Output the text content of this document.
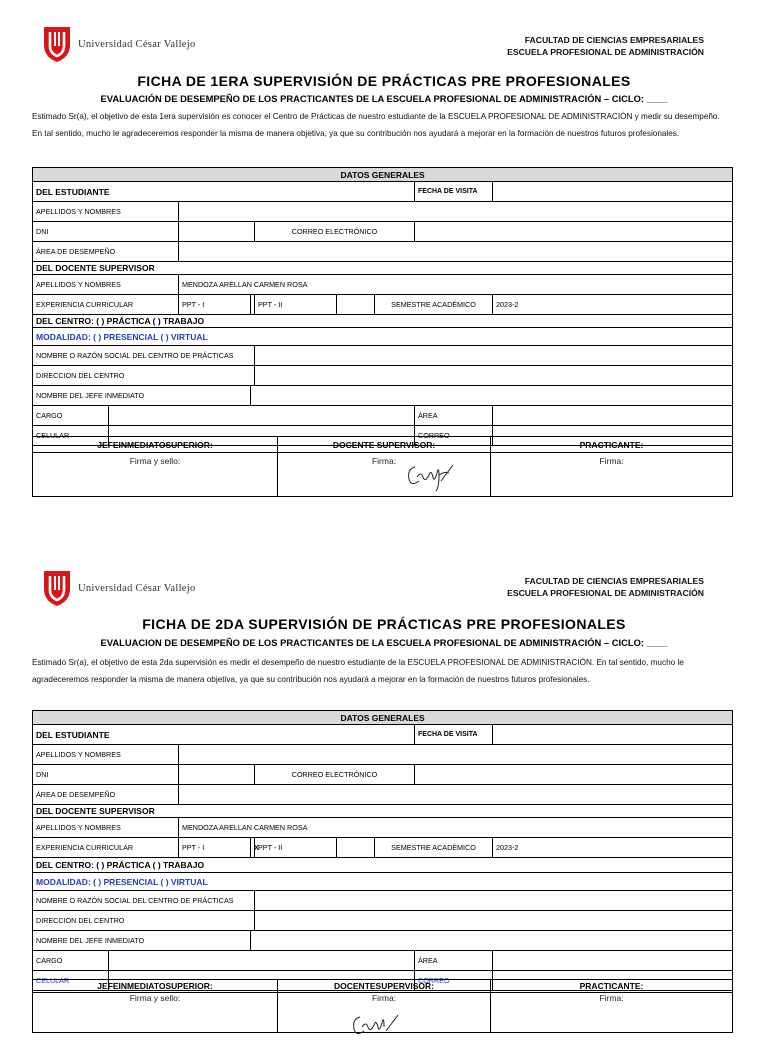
Universidad César Vallejo	FACULTAD DE CIENCIAS EMPRESARIALES
ESCUELA PROFESIONAL DE ADMINISTRACIÓN
FICHA DE 1ERA SUPERVISIÓN DE PRÁCTICAS PRE PROFESIONALES
EVALUACIÓN DE DESEMPEÑO DE LOS PRACTICANTES DE LA ESCUELA PROFESIONAL DE ADMINISTRACIÓN – CICLO: ____
Estimado Sr(a), el objetivo de esta 1era supervisión es conocer el Centro de Prácticas de nuestro estudiante de la ESCUELA PROFESIONAL DE ADMINISTRACIÓN y medir su desempeño. En tal sentido, mucho le agradeceremos responder la misma de manera objetiva, ya que su contribución nos ayudará a mejorar en la formación de nuestros futuros profesionales.
DATOS GENERALES								
DEL ESTUDIANTE							FECHA DE VISITA	
APELLIDOS Y NOMBRES								
DNI				CORREO ELECTRÓNICO				
ÁREA DE DESEMPEÑO								
DEL DOCENTE SUPERVISOR								
APELLIDOS Y NOMBRES		MENDOZA ARELLAN CARMEN ROSA						
EXPERIENCIA CURRICULAR		PPT - I		PPT - II		SEMESTRE ACADÉMICO		2023-2
DEL CENTRO: ( ) PRÁCTICA ( ) TRABAJO								
MODALIDAD: ( ) PRESENCIAL ( ) VIRTUAL								
NOMBRE O RAZÓN SOCIAL DEL CENTRO DE PRÁCTICAS								
DIRECCION DEL CENTRO								
NOMBRE DEL JEFE INMEDIATO								
CARGO							ÁREA	
CELULAR							CORREO	
JEFEINMEDIATOSUPERIOR:	DOCENTE SUPERVISOR:	PRACTICANTE:
Firma y sello:	Firma:	Firma:
Universidad César Vallejo
FACULTAD DE CIENCIAS EMPRESARIALES
ESCUELA PROFESIONAL DE ADMINISTRACIÓN
FICHA DE 2DA SUPERVISIÓN DE PRÁCTICAS PRE PROFESIONALES
EVALUACION DE DESEMPEÑO DE LOS PRACTICANTES DE LA ESCUELA PROFESIONAL DE ADMINISTRACIÓN – CICLO: ____
Estimado Sr(a), el objetivo de esta 2da supervisión es medir el desempeño de nuestro estudiante de la ESCUELA PROFESIONAL DE ADMINISTRACIÓN. En tal sentido, mucho le agradeceremos responder la misma de manera objetiva, ya que su contribución nos ayudará a mejorar en la formación de nuestros futuros profesionales.
DATOS GENERALES								
DEL ESTUDIANTE							FECHA DE VISITA	
APELLIDOS Y NOMBRES								
DNI				CORREO ELECTRÓNICO				
ÁREA DE DESEMPEÑO								
DEL DOCENTE SUPERVISOR								
APELLIDOS Y NOMBRES		MENDOZA ARELLAN CARMEN ROSA						
EXPERIENCIA CURRICULAR		PPT - I	X	PPT - II		SEMESTRE ACADÉMICO		2023-2
DEL CENTRO: ( ) PRÁCTICA ( ) TRABAJO								
MODALIDAD: ( ) PRESENCIAL ( ) VIRTUAL								
NOMBRE O RAZÓN SOCIAL DEL CENTRO DE PRÁCTICAS								
DIRECCION DEL CENTRO								
NOMBRE DEL JEFE INMEDIATO								
CARGO							ÁREA	
CELULAR							CORREO	
JEFEINMEDIATOSUPERIOR:	DOCENTESUPERVISOR:	PRACTICANTE:
Firma y sello:	Firma:	Firma:
